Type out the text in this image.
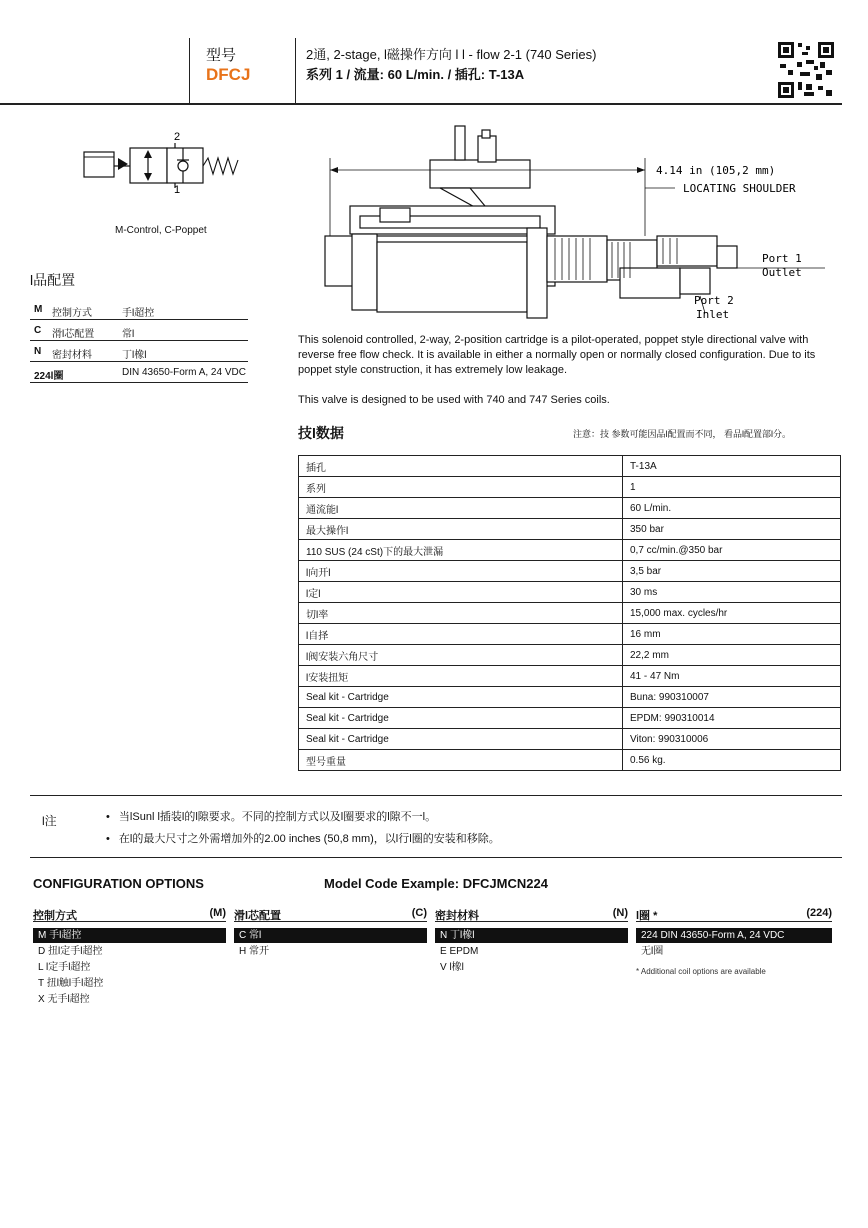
型号
DFCJ
2通, 2-stage, l磁操作方向 l l - flow 2-1 (740 Series)
系列 1 / 流量: 60 L/min. / 插孔: T-13A
2
1
M-Control, C-Poppet
l品配置
M 控制方式	手l超控
C 滑l芯配置	常l
N 密封材料	丁l橡l
224l圈	DIN 43650-Form A, 24 VDC
4.14 in (105,2 mm)
LOCATING SHOULDER
Port 1
Outlet
Port 2
Inlet
This solenoid controlled, 2-way, 2-position cartridge is a pilot-operated, poppet style directional valve with reverse free flow check. It is available in either a normally open or normally closed configuration. Due to its poppet style construction, it has extremely low leakage.
This valve is designed to be used with 740 and 747 Series coils.
技l数据	注意：技 参数可能因品l配置而不同， 看品l配置部l分。
插孔	T-13A
系列	1
通流能l	60 L/min.
最大操作l	350 bar
110 SUS (24 cSt)下的最大泄漏	0,7 cc/min.@350 bar
l向开l	3,5 bar
l定l	30 ms
切l率	15,000 max. cycles/hr
l自择	16 mm
l阀安装六角尺寸	22,2 mm
l安装扭矩	41 - 47 Nm
Seal kit - Cartridge	Buna: 990310007
Seal kit - Cartridge	EPDM: 990310014
Seal kit - Cartridge	Viton: 990310006
型号重量	0.56 kg.
l注	• 当lSunl l插装l的l隙要求。不同的控制方式以及l圈要求的l隙不一l。
• 在l的最大尺寸之外需增加外的2.00 inches (50,8 mm)，以l行l圈的安装和移除。
CONFIGURATION OPTIONS	Model Code Example: DFCJMCN224
控制方式	(M)
M 手l超控
D 扭l定手l超控
L l定手l超控
T 扭l触l手l超控
X 无手l超控
滑l芯配置	(C)
C 常l
H 常开
密封材料	(N)
N 丁l橡l
E EPDM
V l橡l
l圈 *	(224)
224 DIN 43650-Form A, 24 VDC
无l圈
* Additional coil options are available
